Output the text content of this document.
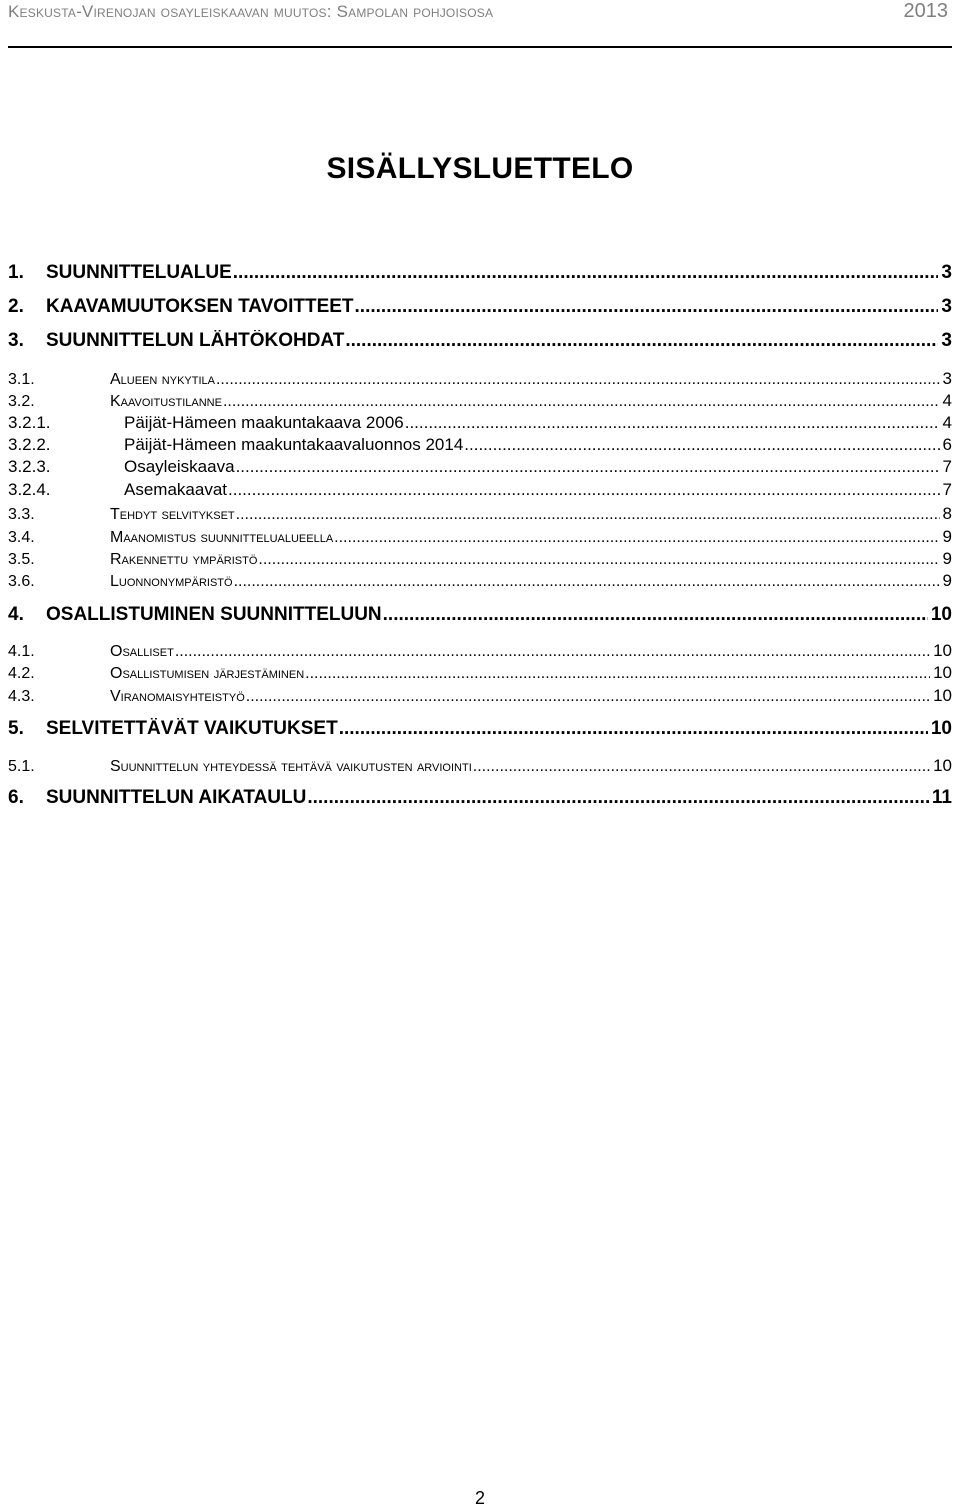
Keskusta-Virenojan osayleiskaavan muutos: Sampolan pohjoisosa	2013
SISÄLLYSLUETTELO
1.	SUUNNITTELUALUE .....	3
2.	KAAVAMUUTOKSEN TAVOITTEET .....	3
3.	SUUNNITTELUN LÄHTÖKOHDAT .....	3
3.1.	Alueen nykytila .....	3
3.2.	Kaavoitustilanne .....	4
3.2.1.	Päijät-Hämeen maakuntakaava 2006 .....	4
3.2.2.	Päijät-Hämeen maakuntakaavaluonnos 2014 .....	6
3.2.3.	Osayleiskaava .....	7
3.2.4.	Asemakaavat .....	7
3.3.	Tehdyt selvitykset .....	8
3.4.	Maanomistus suunnittelualueella .....	9
3.5.	Rakennettu ympäristö .....	9
3.6.	Luonnonympäristö .....	9
4.	OSALLISTUMINEN SUUNNITTELUUN .....	10
4.1.	Osalliset .....	10
4.2.	Osallistumisen järjestäminen .....	10
4.3.	Viranomaisyhteistyö .....	10
5.	SELVITETTÄVÄT VAIKUTUKSET .....	10
5.1.	Suunnittelun yhteydessä tehtävä vaikutusten arviointi .....	10
6.	SUUNNITTELUN AIKATAULU .....	11
2
